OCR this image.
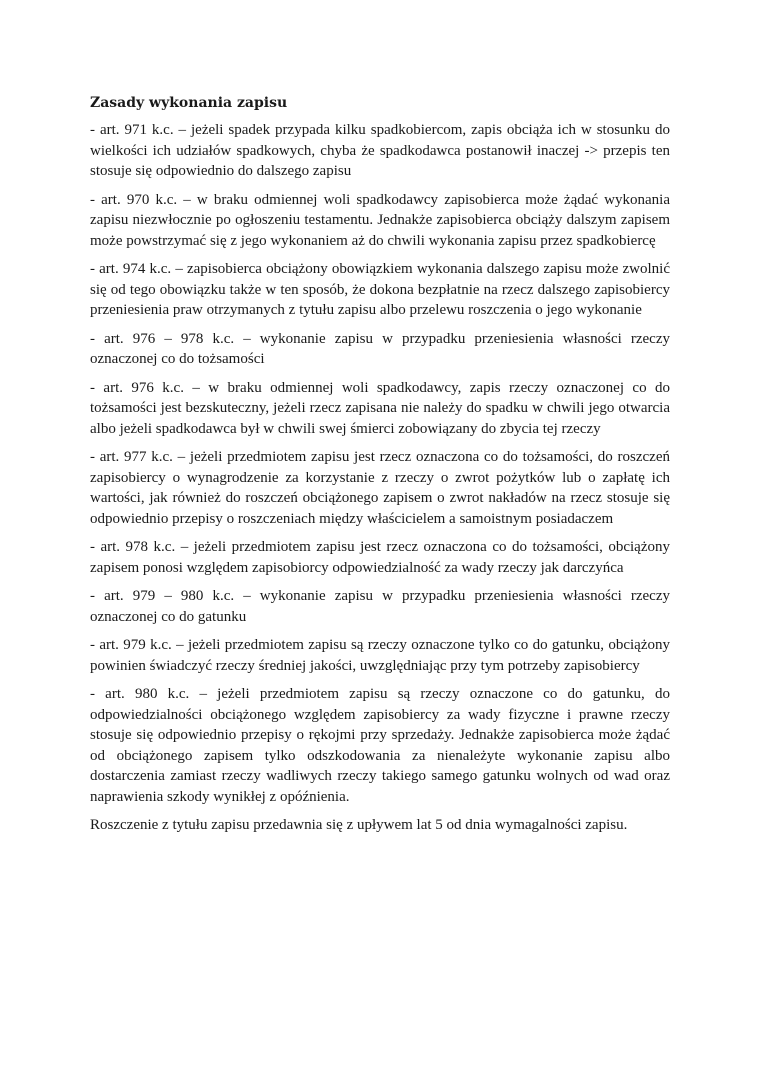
Zasady wykonania zapisu
- art. 971 k.c. – jeżeli spadek przypada kilku spadkobiercom, zapis obciąża ich w stosunku do wielkości ich udziałów spadkowych, chyba że spadkodawca postanowił inaczej -> przepis ten stosuje się odpowiednio do dalszego zapisu
- art. 970 k.c. – w braku odmiennej woli spadkodawcy zapisobierca może żądać wykonania zapisu niezwłocznie po ogłoszeniu testamentu. Jednakże zapisobierca obciąży dalszym zapisem może powstrzymać się z jego wykonaniem aż do chwili wykonania zapisu przez spadkobiercę
- art. 974 k.c. – zapisobierca obciążony obowiązkiem wykonania dalszego zapisu może zwolnić się od tego obowiązku także w ten sposób, że dokona bezpłatnie na rzecz dalszego zapisobiercy przeniesienia praw otrzymanych z tytułu zapisu albo przelewu roszczenia o jego wykonanie
- art. 976 – 978 k.c. – wykonanie zapisu w przypadku przeniesienia własności rzeczy oznaczonej co do tożsamości
- art. 976 k.c. – w braku odmiennej woli spadkodawcy, zapis rzeczy oznaczonej co do tożsamości jest bezskuteczny, jeżeli rzecz zapisana nie należy do spadku w chwili jego otwarcia albo jeżeli spadkodawca był w chwili swej śmierci zobowiązany do zbycia tej rzeczy
- art. 977 k.c. – jeżeli przedmiotem zapisu jest rzecz oznaczona co do tożsamości, do roszczeń zapisobiercy o wynagrodzenie za korzystanie z rzeczy o zwrot pożytków lub o zapłatę ich wartości, jak również do roszczeń obciążonego zapisem o zwrot nakładów na rzecz stosuje się odpowiednio przepisy o roszczeniach między właścicielem a samoistnym posiadaczem
- art. 978 k.c. – jeżeli przedmiotem zapisu jest rzecz oznaczona co do tożsamości, obciążony zapisem ponosi względem zapisobiorcy odpowiedzialność za wady rzeczy jak darczyńca
- art. 979 – 980 k.c. – wykonanie zapisu w przypadku przeniesienia własności rzeczy oznaczonej co do gatunku
- art. 979 k.c. – jeżeli przedmiotem zapisu są rzeczy oznaczone tylko co do gatunku, obciążony powinien świadczyć rzeczy średniej jakości, uwzględniając przy tym potrzeby zapisobiercy
- art. 980 k.c. – jeżeli przedmiotem zapisu są rzeczy oznaczone co do gatunku, do odpowiedzialności obciążonego względem zapisobiercy za wady fizyczne i prawne rzeczy stosuje się odpowiednio przepisy o rękojmi przy sprzedaży. Jednakże zapisobierca może żądać od obciążonego zapisem tylko odszkodowania za nienależyte wykonanie zapisu albo dostarczenia zamiast rzeczy wadliwych rzeczy takiego samego gatunku wolnych od wad oraz naprawienia szkody wynikłej z opóźnienia.
Roszczenie z tytułu zapisu przedawnia się z upływem lat 5 od dnia wymagalności zapisu.
